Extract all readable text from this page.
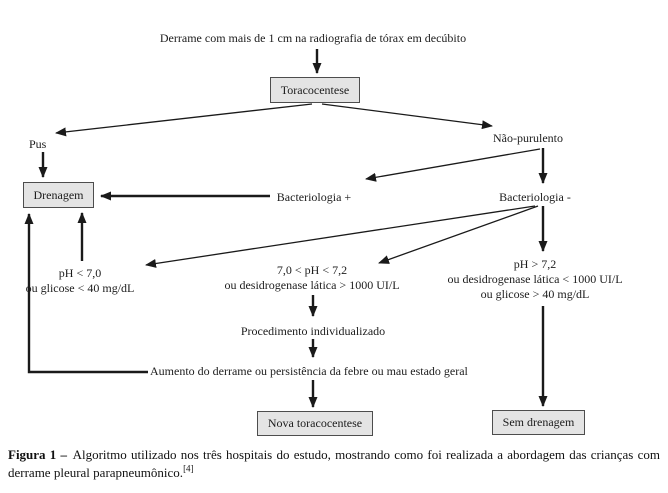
Derrame com mais de 1 cm na radiografia de tórax em decúbito
Toracocentese
Pus	Não-purulento
Drenagem	Bacteriologia +	Bacteriologia -
pH < 7,0
ou glicose < 40 mg/dL
7,0 < pH < 7,2
ou desidrogenase lática > 1000 UI/L
pH > 7,2
ou desidrogenase lática < 1000 UI/L
ou glicose > 40 mg/dL
Procedimento individualizado
Aumento do derrame ou persistência da febre ou mau estado geral
Nova toracocentese	Sem drenagem

Figura 1 – Algoritmo utilizado nos três hospitais do estudo, mostrando como foi realizada a abordagem das crianças com derrame pleural parapneumônico.[4]
